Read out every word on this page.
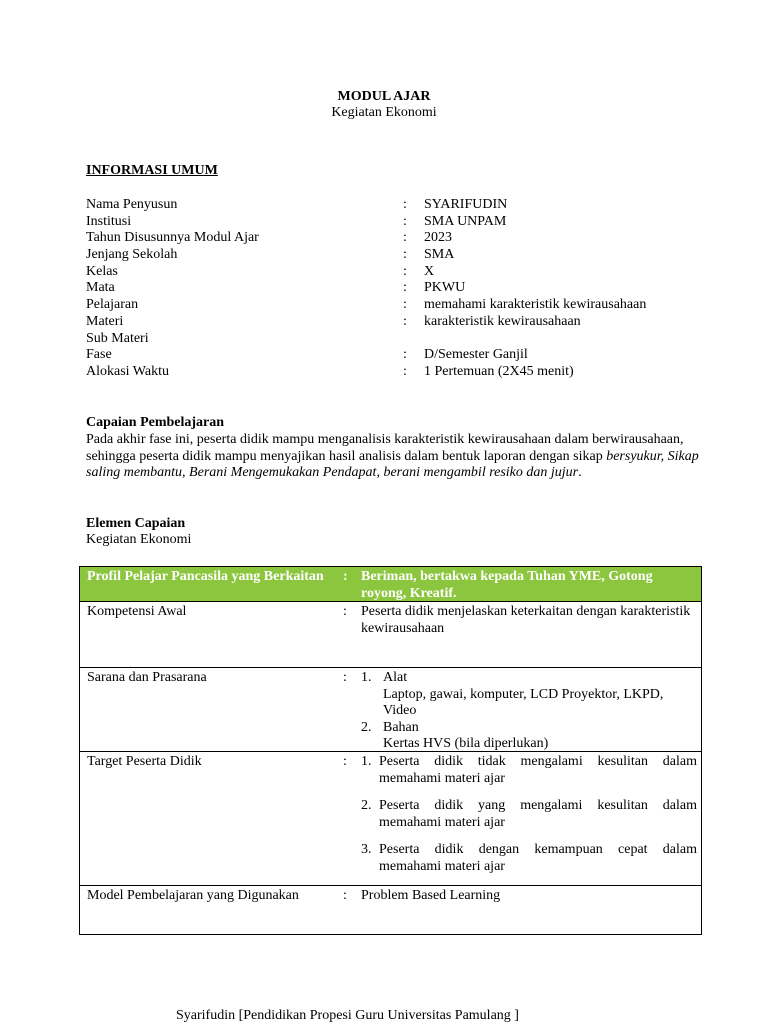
MODUL AJAR
Kegiatan Ekonomi
INFORMASI UMUM
Nama Penyusun	: SYARIFUDIN
Institusi	: SMA UNPAM
Tahun Disusunnya Modul Ajar	: 2023
Jenjang Sekolah	: SMA
Kelas	: X
Mata	: PKWU
Pelajaran	: memahami karakteristik kewirausahaan
Materi	: karakteristik kewirausahaan
Sub Materi
Fase	: D/Semester Ganjil
Alokasi Waktu	: 1 Pertemuan (2X45 menit)
Capaian Pembelajaran
Pada akhir fase ini, peserta didik mampu menganalisis karakteristik kewirausahaan dalam berwirausahaan, sehingga peserta didik mampu menyajikan hasil analisis dalam bentuk laporan dengan sikap bersyukur, Sikap saling membantu, Berani Mengemukakan Pendapat, berani mengambil resiko dan jujur.
Elemen Capaian
Kegiatan Ekonomi
Profil Pelajar Pancasila yang Berkaitan	: Beriman, bertakwa kepada Tuhan YME, Gotong royong, Kreatif.

Kompetensi Awal	: Peserta didik menjelaskan keterkaitan dengan karakteristik kewirausahaan

Sarana dan Prasarana	: 1. Alat
Laptop, gawai, komputer, LCD Proyektor, LKPD, Video
2. Bahan
Kertas HVS (bila diperlukan)

Target Peserta Didik	: 1. Peserta didik tidak mengalami kesulitan dalam memahami materi ajar
2. Peserta didik yang mengalami kesulitan dalam memahami materi ajar
3. Peserta didik dengan kemampuan cepat dalam memahami materi ajar

Model Pembelajaran yang Digunakan	: Problem Based Learning
Syarifudin [Pendidikan Propesi Guru Universitas Pamulang ]
